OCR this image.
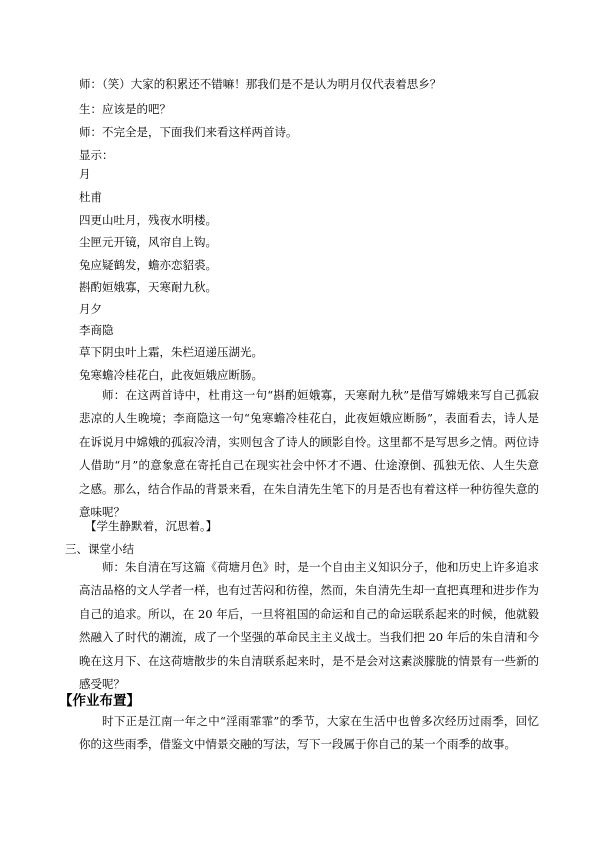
师：（笑）大家的积累还不错嘛！那我们是不是认为明月仅代表着思乡？
生：应该是的吧？
师：不完全是，下面我们来看这样两首诗。
显示：
月
杜甫
四更山吐月，残夜水明楼。
尘匣元开镜，风帘自上钩。
兔应疑鹤发，蟾亦恋貂裘。
斟酌姮娥寡，天寒耐九秋。
月夕
李商隐
草下阴虫叶上霜，朱栏迢递压湖光。
兔寒蟾冷桂花白，此夜姮娥应断肠。
师：在这两首诗中，杜甫这一句“斟酌姮娥寡，天寒耐九秋”是借写嫦娥来写自己孤寂悲凉的人生晚境；李商隐这一句“兔寒蟾冷桂花白，此夜姮娥应断肠”，表面看去，诗人是在诉说月中嫦娥的孤寂冷清，实则包含了诗人的顾影自怜。这里都不是写思乡之情。两位诗人借助“月”的意象意在寄托自己在现实社会中怀才不遇、仕途潦倒、孤独无依、人生失意之感。那么，结合作品的背景来看，在朱自清先生笔下的月是否也有着这样一种彷徨失意的意味呢？
【学生静默着，沉思着。】
三、课堂小结
师：朱自清在写这篇《荷塘月色》时，是一个自由主义知识分子，他和历史上许多追求高洁品格的文人学者一样，也有过苦闷和彷徨，然而，朱自清先生却一直把真理和进步作为自己的追求。所以，在 20 年后，一旦将祖国的命运和自己的命运联系起来的时候，他就毅然融入了时代的潮流，成了一个坚强的革命民主主义战士。当我们把 20 年后的朱自清和今晚在这月下、在这荷塘散步的朱自清联系起来时，是不是会对这素淡朦胧的情景有一些新的感受呢？
【作业布置】
时下正是江南一年之中“淫雨霏霏”的季节，大家在生活中也曾多次经历过雨季，回忆你的这些雨季，借鉴文中情景交融的写法，写下一段属于你自己的某一个雨季的故事。
